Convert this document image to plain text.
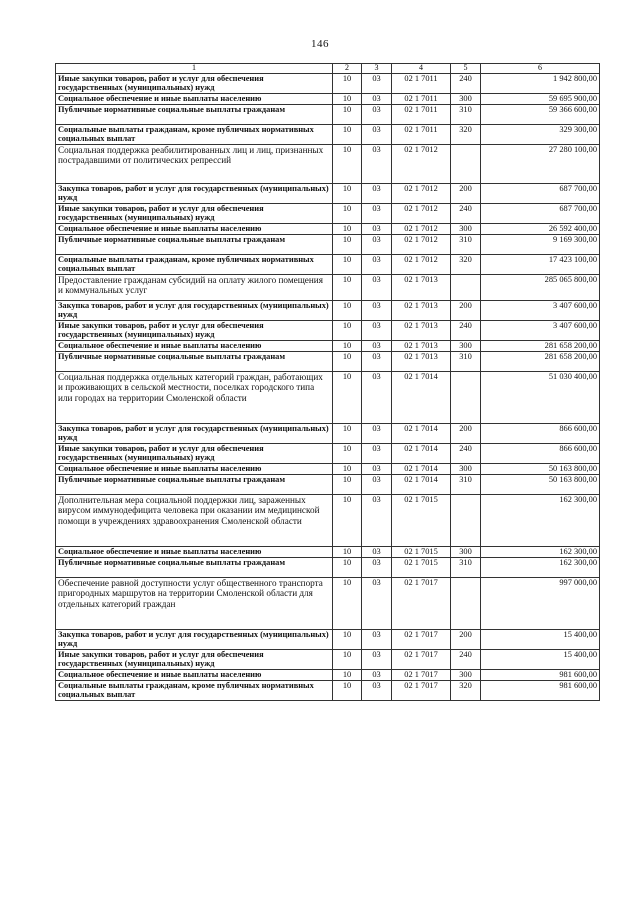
146
1	2	3	4	5	6
Иные закупки товаров, работ и услуг для обеспечения государственных (муниципальных) нужд	10	03	02 1 7011	240	1 942 800,00
Социальное обеспечение и иные выплаты населению	10	03	02 1 7011	300	59 695 900,00
Публичные нормативные социальные выплаты гражданам	10	03	02 1 7011	310	59 366 600,00
Социальные выплаты гражданам, кроме публичных нормативных социальных выплат	10	03	02 1 7011	320	329 300,00
Социальная поддержка реабилитированных лиц и лиц, признанных пострадавшими от политических репрессий	10	03	02 1 7012		27 280 100,00
Закупка товаров, работ и услуг для государственных (муниципальных) нужд	10	03	02 1 7012	200	687 700,00
Иные закупки товаров, работ и услуг для обеспечения государственных (муниципальных) нужд	10	03	02 1 7012	240	687 700,00
Социальное обеспечение и иные выплаты населению	10	03	02 1 7012	300	26 592 400,00
Публичные нормативные социальные выплаты гражданам	10	03	02 1 7012	310	9 169 300,00
Социальные выплаты гражданам, кроме публичных нормативных социальных выплат	10	03	02 1 7012	320	17 423 100,00
Предоставление гражданам субсидий на оплату жилого помещения и коммунальных услуг	10	03	02 1 7013		285 065 800,00
Закупка товаров, работ и услуг для государственных (муниципальных) нужд	10	03	02 1 7013	200	3 407 600,00
Иные закупки товаров, работ и услуг для обеспечения государственных (муниципальных) нужд	10	03	02 1 7013	240	3 407 600,00
Социальное обеспечение и иные выплаты населению	10	03	02 1 7013	300	281 658 200,00
Публичные нормативные социальные выплаты гражданам	10	03	02 1 7013	310	281 658 200,00
Социальная поддержка отдельных категорий граждан, работающих и проживающих в сельской местности, поселках городского типа или городах на территории Смоленской области	10	03	02 1 7014		51 030 400,00
Закупка товаров, работ и услуг для государственных (муниципальных) нужд	10	03	02 1 7014	200	866 600,00
Иные закупки товаров, работ и услуг для обеспечения государственных (муниципальных) нужд	10	03	02 1 7014	240	866 600,00
Социальное обеспечение и иные выплаты населению	10	03	02 1 7014	300	50 163 800,00
Публичные нормативные социальные выплаты гражданам	10	03	02 1 7014	310	50 163 800,00
Дополнительная мера социальной поддержки лиц, зараженных вирусом иммунодефицита человека при оказании им медицинской помощи в учреждениях здравоохранения Смоленской области	10	03	02 1 7015		162 300,00
Социальное обеспечение и иные выплаты населению	10	03	02 1 7015	300	162 300,00
Публичные нормативные социальные выплаты гражданам	10	03	02 1 7015	310	162 300,00
Обеспечение равной доступности услуг общественного транспорта пригородных маршрутов на территории Смоленской области для отдельных категорий граждан	10	03	02 1 7017		997 000,00
Закупка товаров, работ и услуг для государственных (муниципальных) нужд	10	03	02 1 7017	200	15 400,00
Иные закупки товаров, работ и услуг для обеспечения государственных (муниципальных) нужд	10	03	02 1 7017	240	15 400,00
Социальное обеспечение и иные выплаты населению	10	03	02 1 7017	300	981 600,00
Социальные выплаты гражданам, кроме публичных нормативных социальных выплат	10	03	02 1 7017	320	981 600,00
